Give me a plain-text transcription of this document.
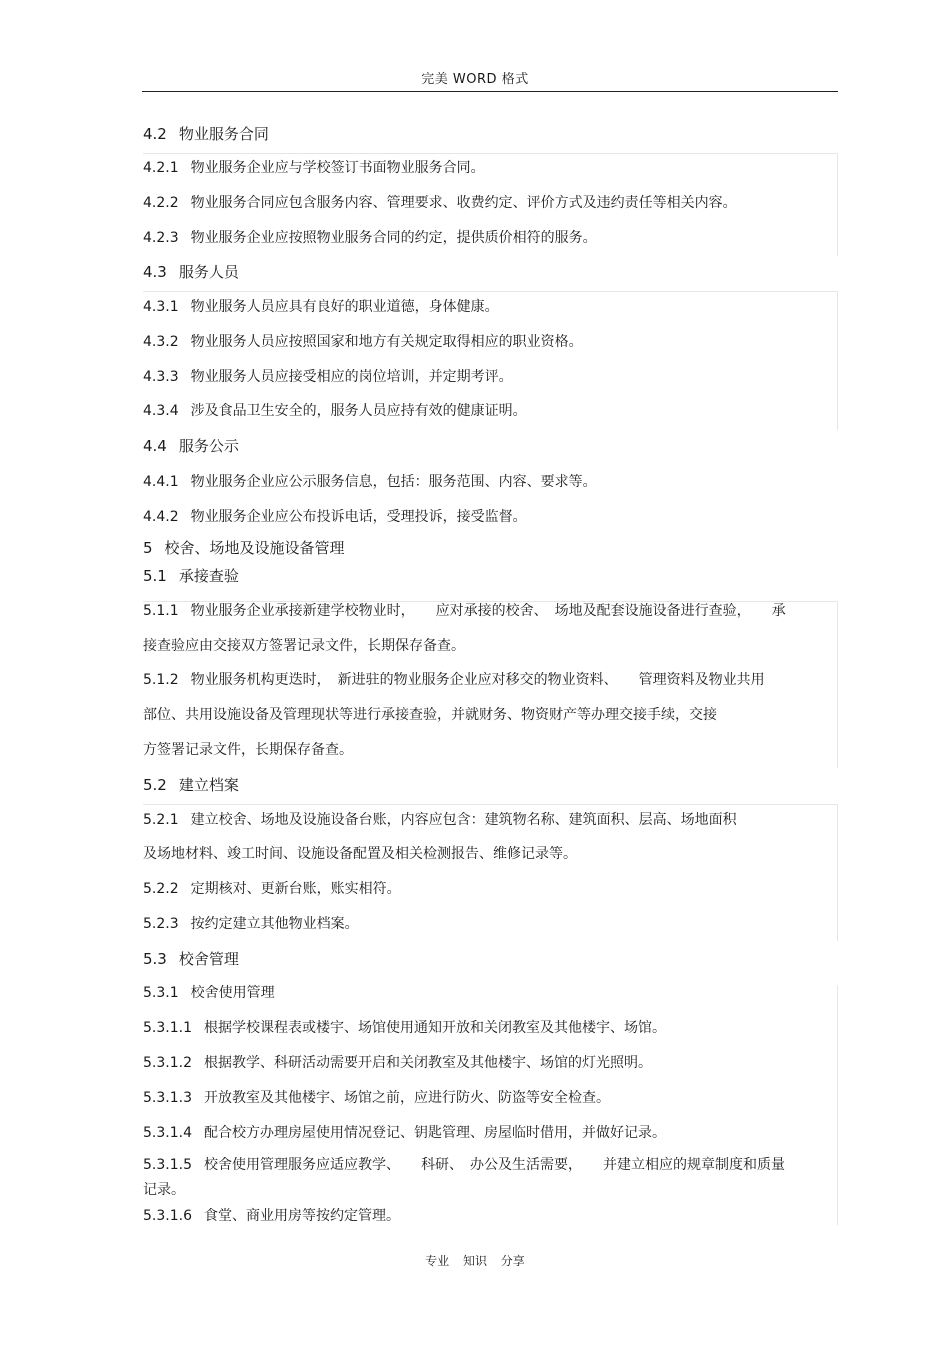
完美 WORD 格式
4.2 物业服务合同
4.2.1 物业服务企业应与学校签订书面物业服务合同。
4.2.2 物业服务合同应包含服务内容、管理要求、收费约定、评价方式及违约责任等相关内容。
4.2.3 物业服务企业应按照物业服务合同的约定，提供质价相符的服务。
4.3 服务人员
4.3.1 物业服务人员应具有良好的职业道德，身体健康。
4.3.2 物业服务人员应按照国家和地方有关规定取得相应的职业资格。
4.3.3 物业服务人员应接受相应的岗位培训，并定期考评。
4.3.4 涉及食品卫生安全的，服务人员应持有效的健康证明。
4.4 服务公示
4.4.1 物业服务企业应公示服务信息，包括：服务范围、内容、要求等。
4.4.2 物业服务企业应公布投诉电话，受理投诉，接受监督。
5 校舍、场地及设施设备管理
5.1 承接查验
5.1.1 物业服务企业承接新建学校物业时，　　应对承接的校舍、　场地及配套设施设备进行查验，　　承
接查验应由交接双方签署记录文件，长期保存备查。
5.1.2 物业服务机构更迭时，　新进驻的物业服务企业应对移交的物业资料、　　管理资料及物业共用
部位、共用设施设备及管理现状等进行承接查验，并就财务、物资财产等办理交接手续，交接
方签署记录文件，长期保存备查。
5.2 建立档案
5.2.1 建立校舍、场地及设施设备台账，内容应包含：建筑物名称、建筑面积、层高、场地面积
及场地材料、竣工时间、设施设备配置及相关检测报告、维修记录等。
5.2.2 定期核对、更新台账，账实相符。
5.2.3 按约定建立其他物业档案。
5.3 校舍管理
5.3.1 校舍使用管理
5.3.1.1 根据学校课程表或楼宇、场馆使用通知开放和关闭教室及其他楼宇、场馆。
5.3.1.2 根据教学、科研活动需要开启和关闭教室及其他楼宇、场馆的灯光照明。
5.3.1.3 开放教室及其他楼宇、场馆之前，应进行防火、防盗等安全检查。
5.3.1.4 配合校方办理房屋使用情况登记、钥匙管理、房屋临时借用，并做好记录。
5.3.1.5 校舍使用管理服务应适应教学、　　科研、　办公及生活需要，　　并建立相应的规章制度和质量
记录。
5.3.1.6 食堂、商业用房等按约定管理。
专业 知识 分享
